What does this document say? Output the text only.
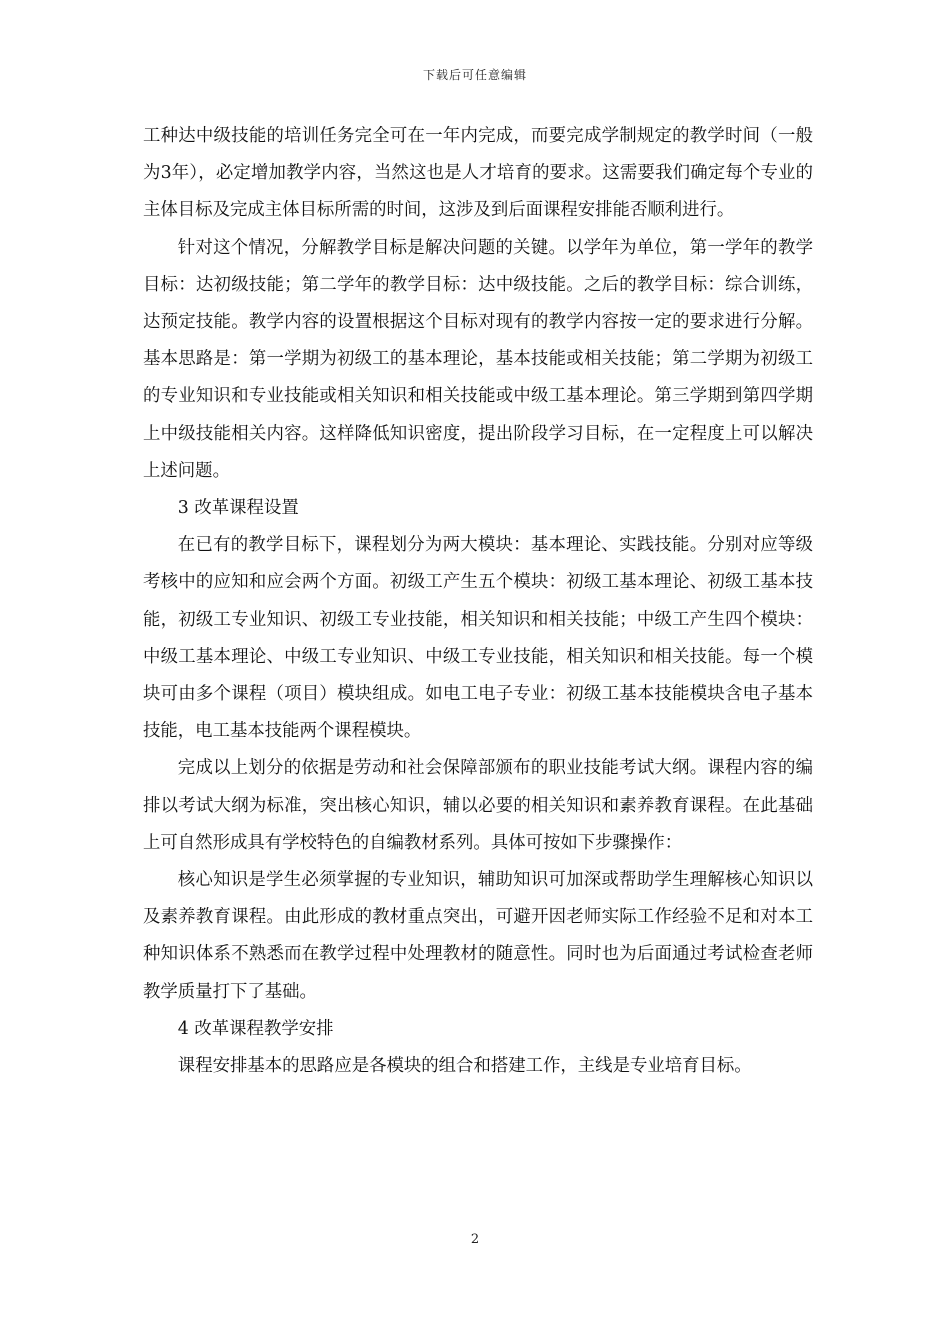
下载后可任意编辑

工种达中级技能的培训任务完全可在一年内完成，而要完成学制规定的教学时间（一般为3年），必定增加教学内容，当然这也是人才培育的要求。这需要我们确定每个专业的主体目标及完成主体目标所需的时间，这涉及到后面课程安排能否顺利进行。

针对这个情况，分解教学目标是解决问题的关键。以学年为单位，第一学年的教学目标：达初级技能；第二学年的教学目标：达中级技能。之后的教学目标：综合训练，达预定技能。教学内容的设置根据这个目标对现有的教学内容按一定的要求进行分解。基本思路是：第一学期为初级工的基本理论，基本技能或相关技能；第二学期为初级工的专业知识和专业技能或相关知识和相关技能或中级工基本理论。第三学期到第四学期上中级技能相关内容。这样降低知识密度，提出阶段学习目标，在一定程度上可以解决上述问题。

3 改革课程设置

在已有的教学目标下，课程划分为两大模块：基本理论、实践技能。分别对应等级考核中的应知和应会两个方面。初级工产生五个模块：初级工基本理论、初级工基本技能，初级工专业知识、初级工专业技能，相关知识和相关技能；中级工产生四个模块：中级工基本理论、中级工专业知识、中级工专业技能，相关知识和相关技能。每一个模块可由多个课程（项目）模块组成。如电工电子专业：初级工基本技能模块含电子基本技能，电工基本技能两个课程模块。

完成以上划分的依据是劳动和社会保障部颁布的职业技能考试大纲。课程内容的编排以考试大纲为标准，突出核心知识，辅以必要的相关知识和素养教育课程。在此基础上可自然形成具有学校特色的自编教材系列。具体可按如下步骤操作：

核心知识是学生必须掌握的专业知识，辅助知识可加深或帮助学生理解核心知识以及素养教育课程。由此形成的教材重点突出，可避开因老师实际工作经验不足和对本工种知识体系不熟悉而在教学过程中处理教材的随意性。同时也为后面通过考试检查老师教学质量打下了基础。

4 改革课程教学安排

课程安排基本的思路应是各模块的组合和搭建工作，主线是专业培育目标。

2
